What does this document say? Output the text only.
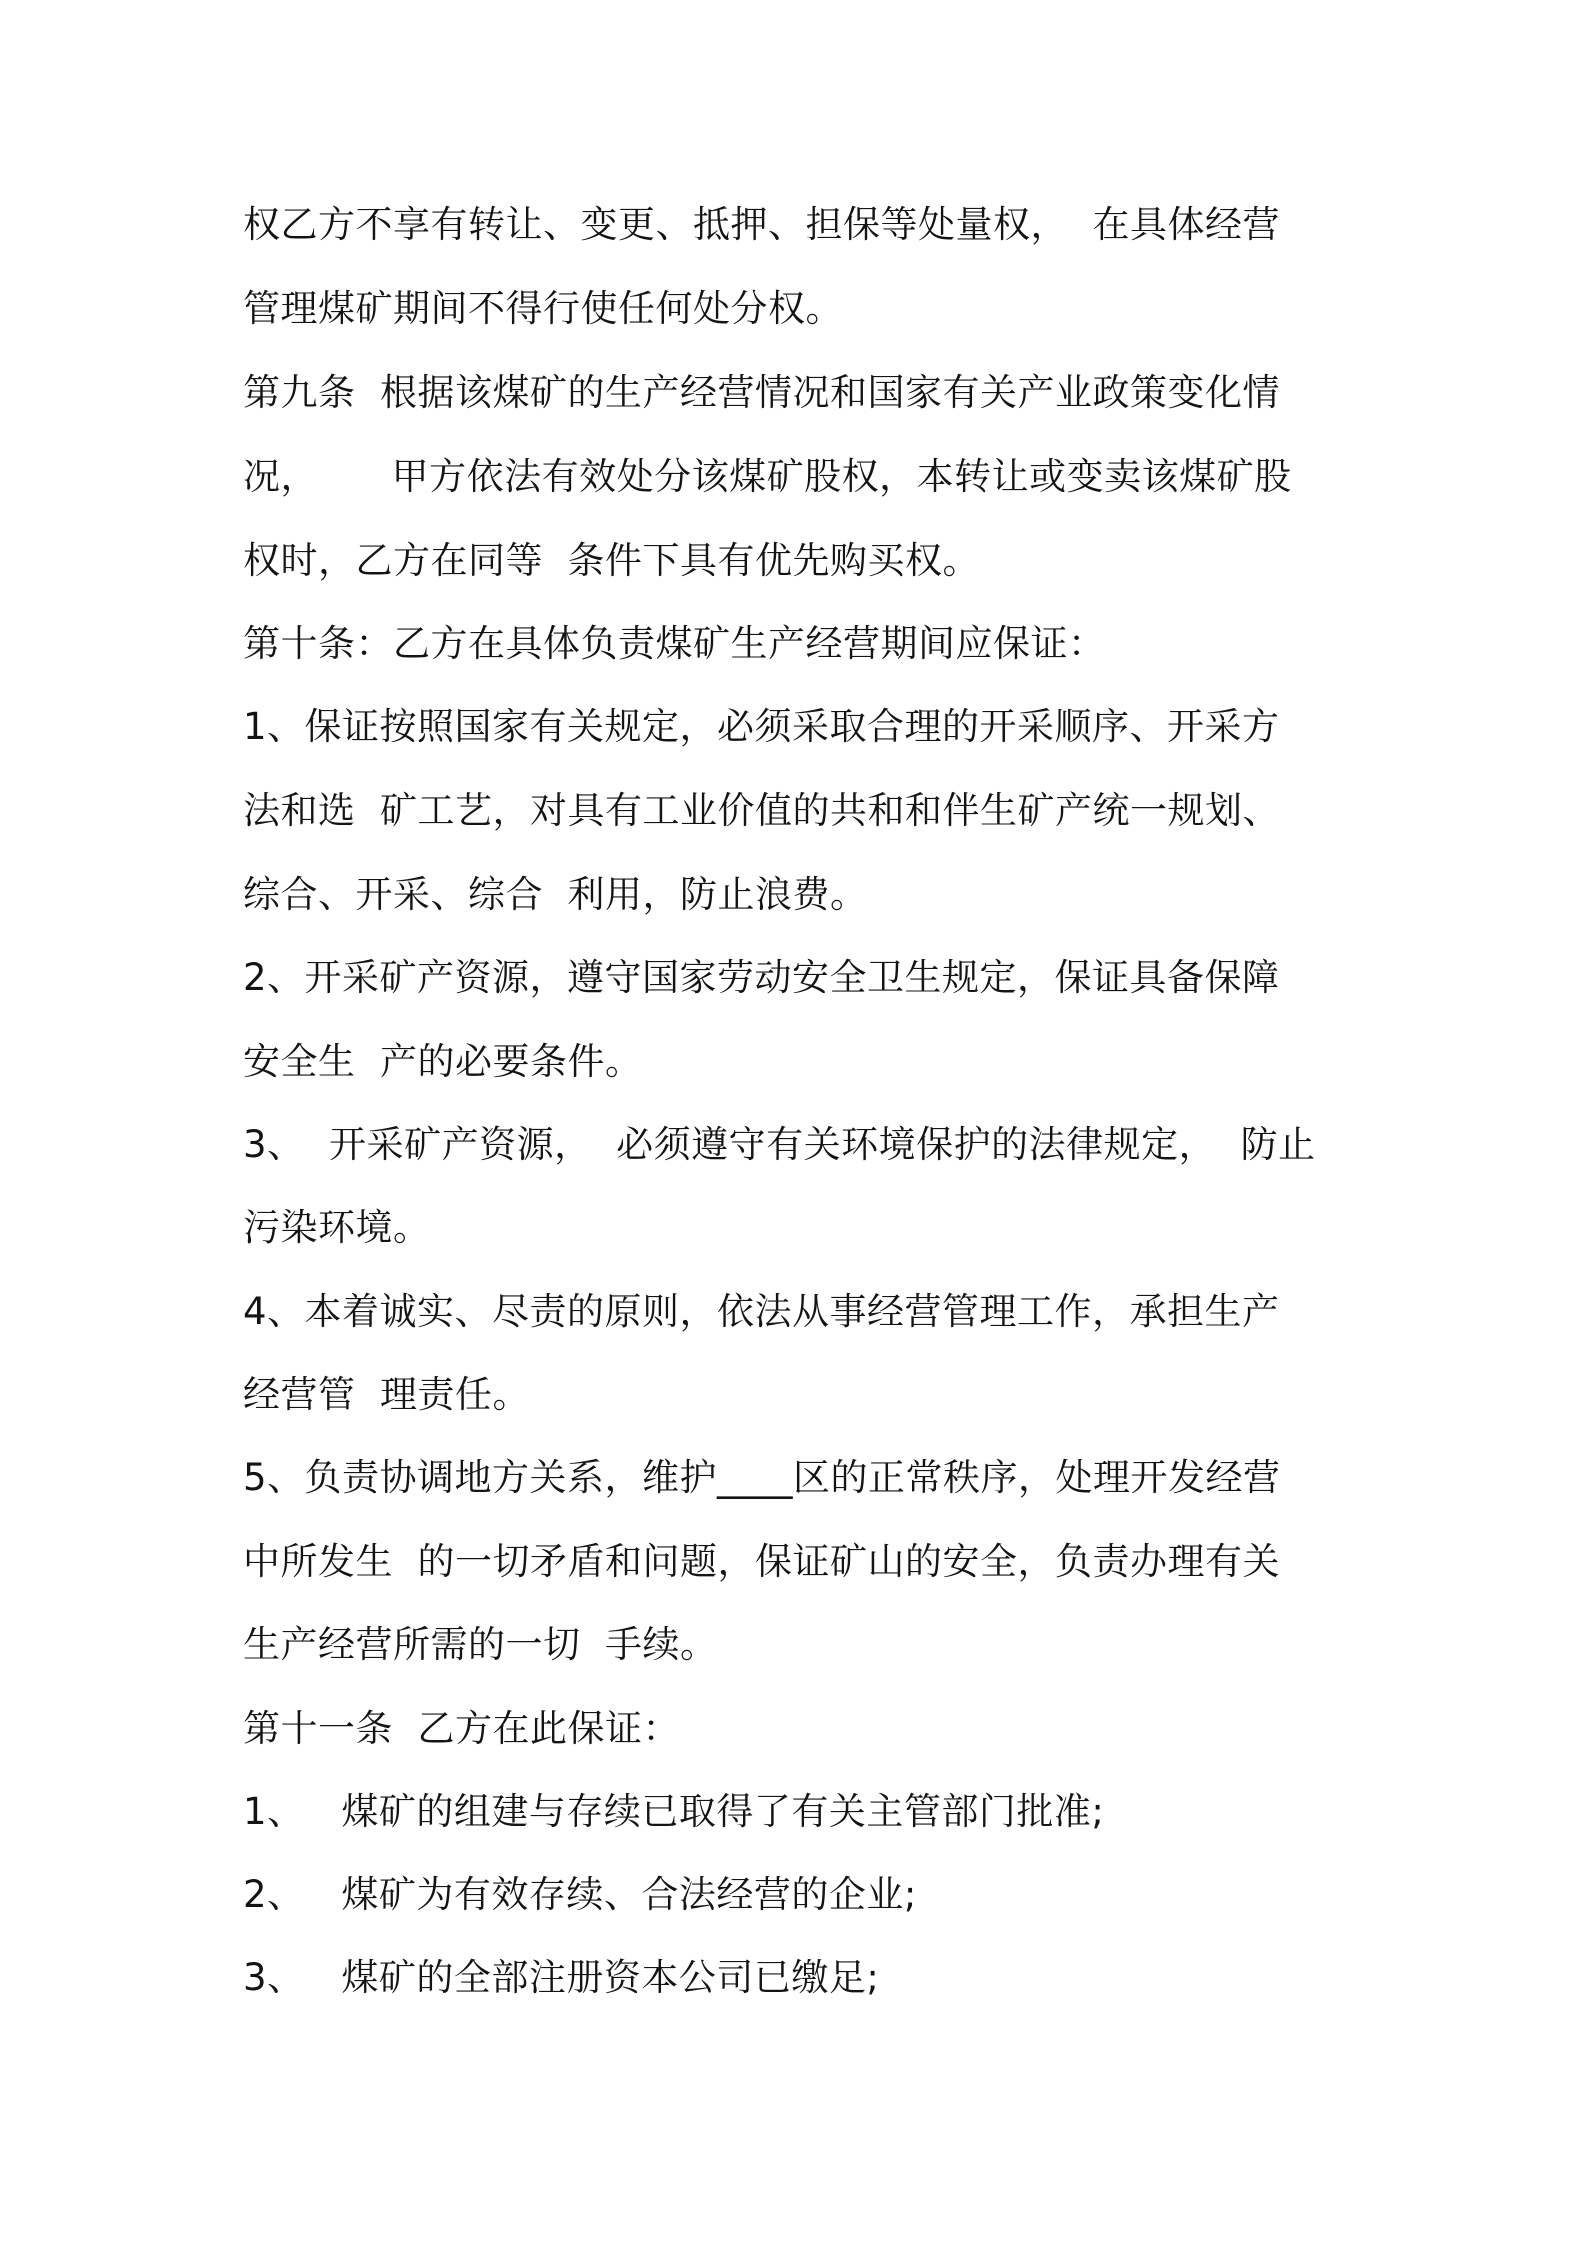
权乙方不享有转让、变更、抵押、担保等处量权，  在具体经营
管理煤矿期间不得行使任何处分权。
第九条  根据该煤矿的生产经营情况和国家有关产业政策变化情
况，      甲方依法有效处分该煤矿股权，本转让或变卖该煤矿股
权时，乙方在同等  条件下具有优先购买权。
第十条：乙方在具体负责煤矿生产经营期间应保证：
1、保证按照国家有关规定，必须采取合理的开采顺序、开采方
法和选  矿工艺，对具有工业价值的共和和伴生矿产统一规划、
综合、开采、综合  利用，防止浪费。
2、开采矿产资源，遵守国家劳动安全卫生规定，保证具备保障
安全生  产的必要条件。
3、  开采矿产资源，  必须遵守有关环境保护的法律规定，  防止
污染环境。
4、本着诚实、尽责的原则，依法从事经营管理工作，承担生产
经营管  理责任。
5、负责协调地方关系，维护____区的正常秩序，处理开发经营
中所发生  的一切矛盾和问题，保证矿山的安全，负责办理有关
生产经营所需的一切  手续。
第十一条  乙方在此保证：
1、   煤矿的组建与存续已取得了有关主管部门批准;
2、   煤矿为有效存续、合法经营的企业;
3、   煤矿的全部注册资本公司已缴足;
